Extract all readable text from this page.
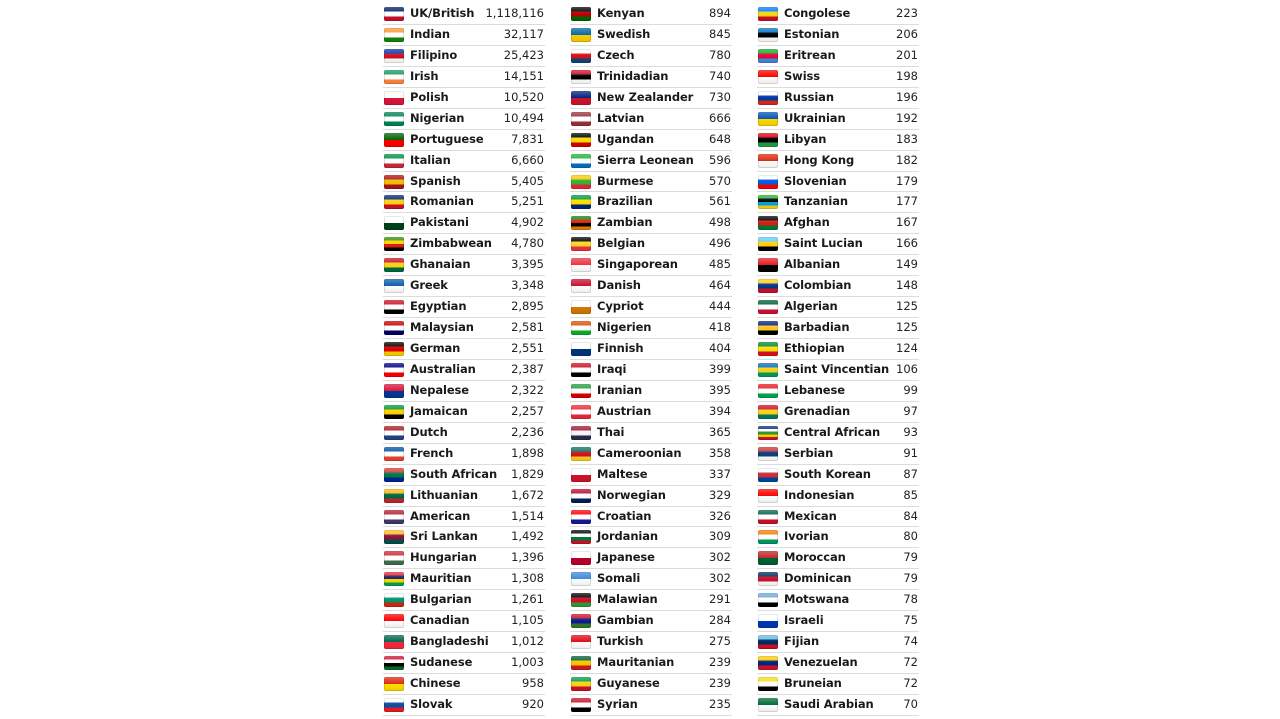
UK/British 1,118,116
Indian	32,117
Filipino	25,423
Irish	14,151
Polish	10,520
Nigerian	10,494
Portuguese 7,831
Italian	6,660
Spanish	5,405
Romanian	5,251
Pakistani	4,902
Zimbabwean 4,780
Ghanaian	3,395
Greek	3,348
Egyptian	2,895
Malaysian	2,581
German	2,551
Australian	2,387
Nepalese	2,322
Jamaican	2,257
Dutch	2,236
French	1,898
South African 1,829
Lithuanian	1,672
American	1,514
Sri Lankan	1,492
Hungarian	1,396
Mauritian	1,308
Bulgarian	1,261
Canadian	1,105
Bangladeshi 1,012
Sudanese	1,003
Chinese	958
Slovak	920
Kenyan	894
Swedish	845
Czech	780
Trinidadian	740
New Zealander 730
Latvian	666
Ugandan	648
Sierra Leonean 596
Burmese	570
Brazilian	561
Zambian	498
Belgian	496
Singaporean	485
Danish	464
Cypriot	444
Nigerien	418
Finnish	404
Iraqi	399
Iranian	395
Austrian	394
Thai	365
Cameroonian 358
Maltese	337
Norwegian	329
Croatian	326
Jordanian	309
Japanese	302
Somali	302
Malawian	291
Gambian	284
Turkish	275
Mauritanian	239
Guyanese	239
Syrian	235
Congolese	223
Estonian	206
Eritrean	201
Swiss	198
Russian	196
Ukrainian	192
Libyan	183
Hong Kong	182
Slovenian	179
Tanzanian	177
Afghan	167
Saint Lucian	166
Albanian	149
Colombian	148
Algerian	125
Barbadian	125
Ethiopian	124
Saint Vincentian 106
Lebanese	99
Grenadian	97
Central African 93
Serbian	91
South Korean	87
Indonesian	85
Mexican	84
Ivorian	80
Moroccan	79
Dominican	79
Motswana	78
Israeli	75
Fijian	74
Venezuelan	72
Bruneian	72
Saudi Arabian	70
